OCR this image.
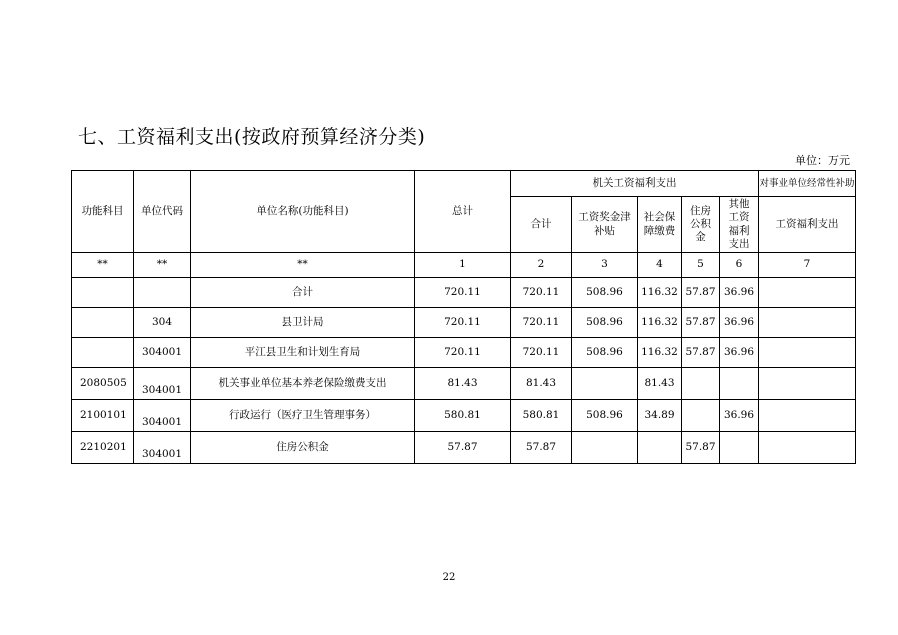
七、工资福利支出(按政府预算经济分类)
单位：万元
功能科目	单位代码	单位名称(功能科目)	总计	机关工资福利支出					对事业单位经常性补助
				合计	工资奖金津补贴	社会保障缴费	住房公积金	其他工资福利支出	工资福利支出
**	**	**	1	2	3	4	5	6	7
		合计	720.11	720.11	508.96	116.32	57.87	36.96	
	304	县卫计局	720.11	720.11	508.96	116.32	57.87	36.96	
	304001	平江县卫生和计划生育局	720.11	720.11	508.96	116.32	57.87	36.96	
2080505	304001	机关事业单位基本养老保险缴费支出	81.43	81.43		81.43			
2100101	304001	行政运行（医疗卫生管理事务）	580.81	580.81	508.96	34.89		36.96	
2210201	304001	住房公积金	57.87	57.87			57.87		
22
